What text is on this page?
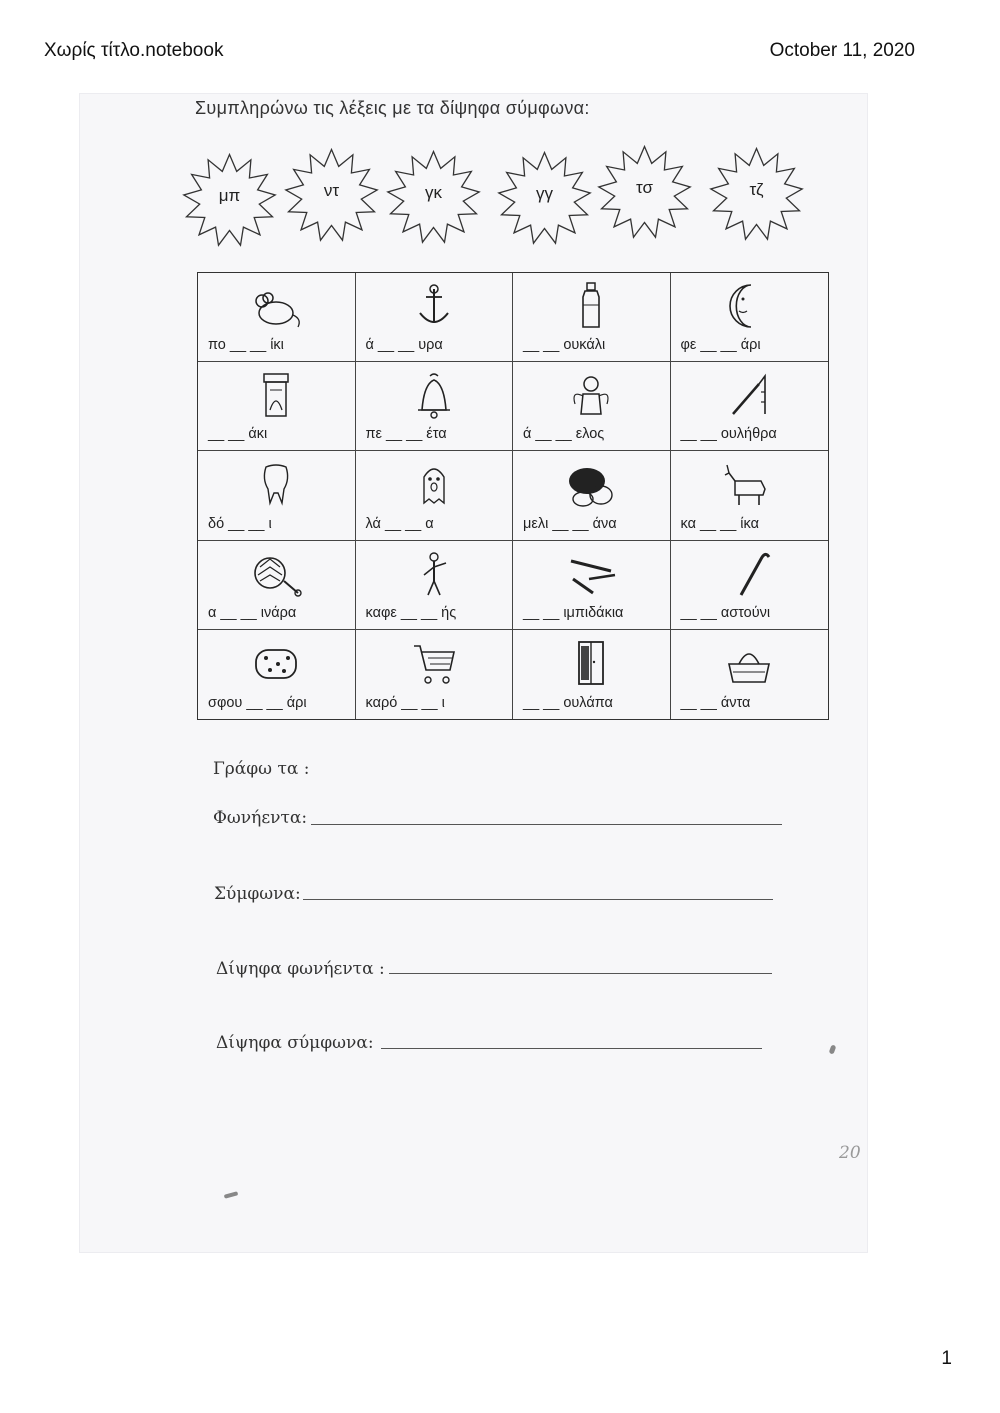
Χωρίς τίτλο.notebook	October 11, 2020
Συμπληρώνω τις λέξεις με τα δίψηφα σύμφωνα:
μπ	ντ	γκ	γγ	τσ	τζ
πο __ __ ίκι	ά __ __ υρα	__ __ ουκάλι	φε __ __ άρι
__ __ άκι	πε __ __ έτα	ά __ __ ελος	__ __ ουλήθρα
δό __ __ ι	λά __ __ α	μελι __ __ άνα	κα __ __ ίκα
α __ __ ινάρα	καφε __ __ ής	__ __ ιμπιδάκια	__ __ αστούνι
σφου __ __ άρι	καρό __ __ ι	__ __ ουλάπα	__ __ άντα
Γράφω τα :
Φωνήεντα:
Σύμφωνα:
Δίψηφα φωνήεντα :
Δίψηφα σύμφωνα:
20
1
